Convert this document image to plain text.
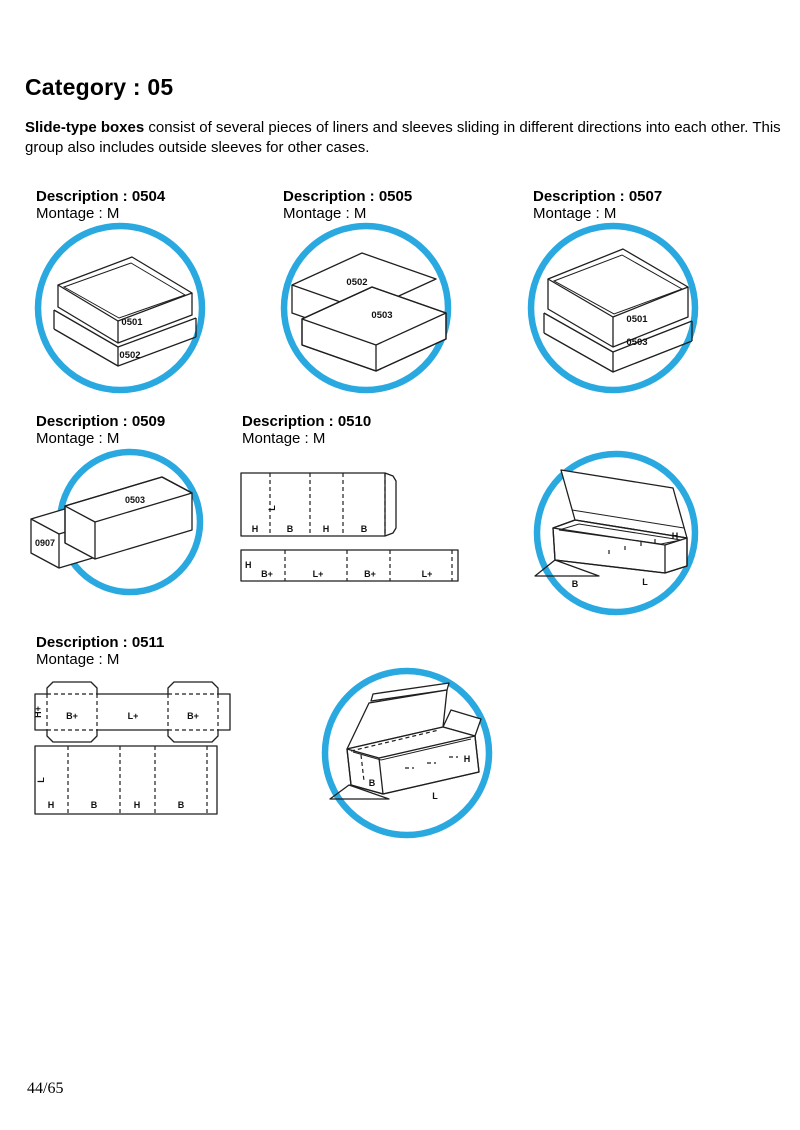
Category : 05
Slide-type boxes consist of several pieces of liners and sleeves sliding in different directions into each other. This group also includes outside sleeves for other cases.
Description : 0504
Montage : M
Description : 0505
Montage : M
Description : 0507
Montage : M
0501
0502
0502
0503	0501
0503
Description : 0509
Montage : M
Description : 0510
Montage : M
0907
0503
L
H	B	H	B
H
B+	L+	B+	L+
B	L
H
Description : 0511
Montage : M
H+	B+	L+	B+
L
H	B	H	B
B
L
H
44/65
